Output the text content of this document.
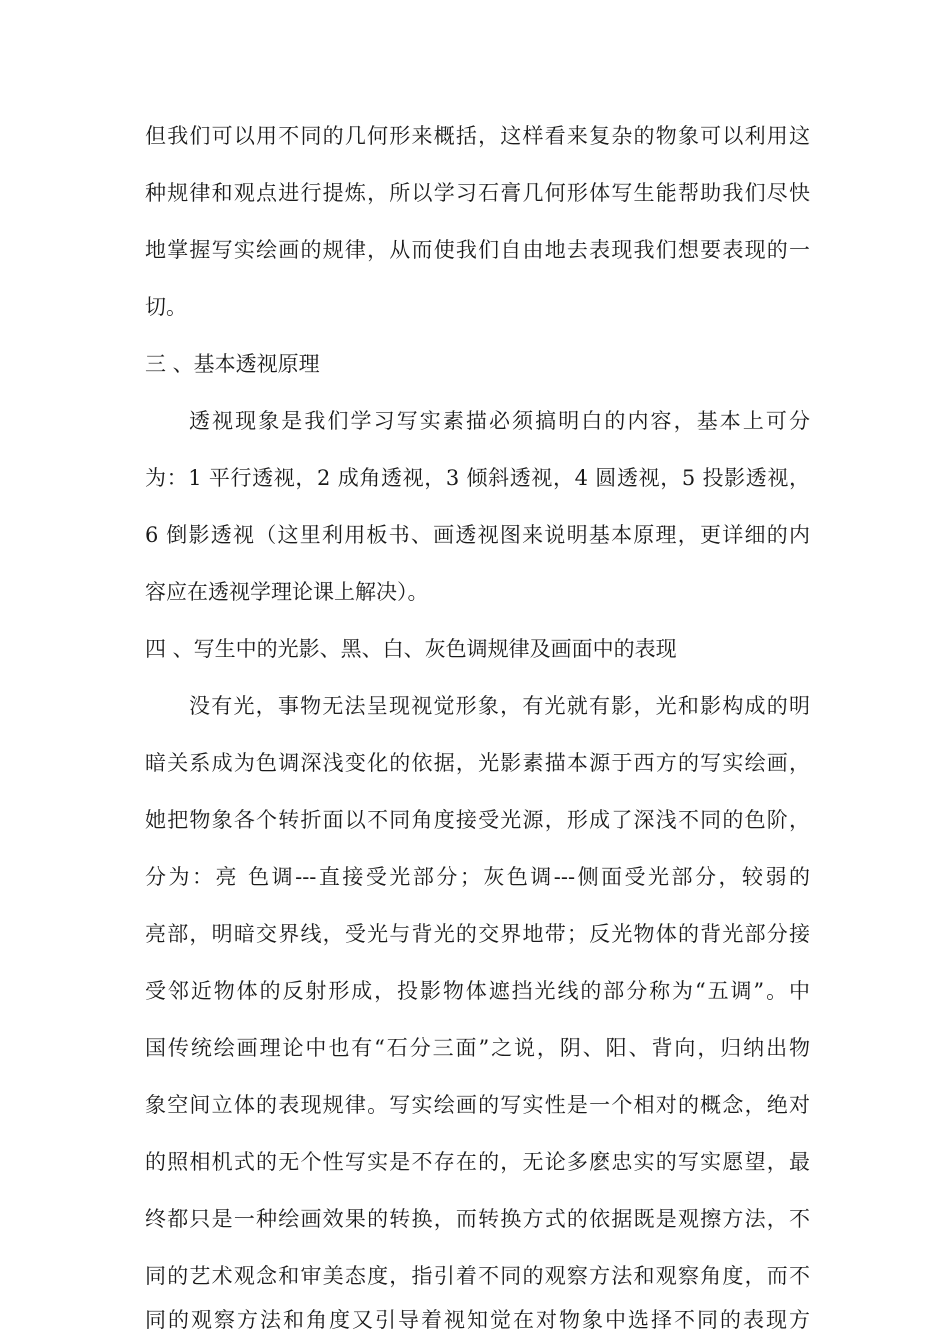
但我们可以用不同的几何形来概括，这样看来复杂的物象可以利用这
种规律和观点进行提炼，所以学习石膏几何形体写生能帮助我们尽快
地掌握写实绘画的规律，从而使我们自由地去表现我们想要表现的一
切。
三 、基本透视原理
透视现象是我们学习写实素描必须搞明白的内容，基本上可分
为：1 平行透视，2 成角透视，3 倾斜透视，4 圆透视，5 投影透视，
6 倒影透视（这里利用板书、画透视图来说明基本原理，更详细的内
容应在透视学理论课上解决）。
四 、写生中的光影、黑、白、灰色调规律及画面中的表现
没有光，事物无法呈现视觉形象，有光就有影，光和影构成的明
暗关系成为色调深浅变化的依据，光影素描本源于西方的写实绘画，
她把物象各个转折面以不同角度接受光源，形成了深浅不同的色阶，
分为：亮 色调---直接受光部分；灰色调---侧面受光部分，较弱的
亮部，明暗交界线，受光与背光的交界地带；反光物体的背光部分接
受邻近物体的反射形成，投影物体遮挡光线的部分称为“五调”。中
国传统绘画理论中也有“石分三面”之说，阴、阳、背向，归纳出物
象空间立体的表现规律。写实绘画的写实性是一个相对的概念，绝对
的照相机式的无个性写实是不存在的，无论多麽忠实的写实愿望，最
终都只是一种绘画效果的转换，而转换方式的依据既是观擦方法，不
同的艺术观念和审美态度，指引着不同的观察方法和观察角度，而不
同的观察方法和角度又引导着视知觉在对物象中选择不同的表现方
